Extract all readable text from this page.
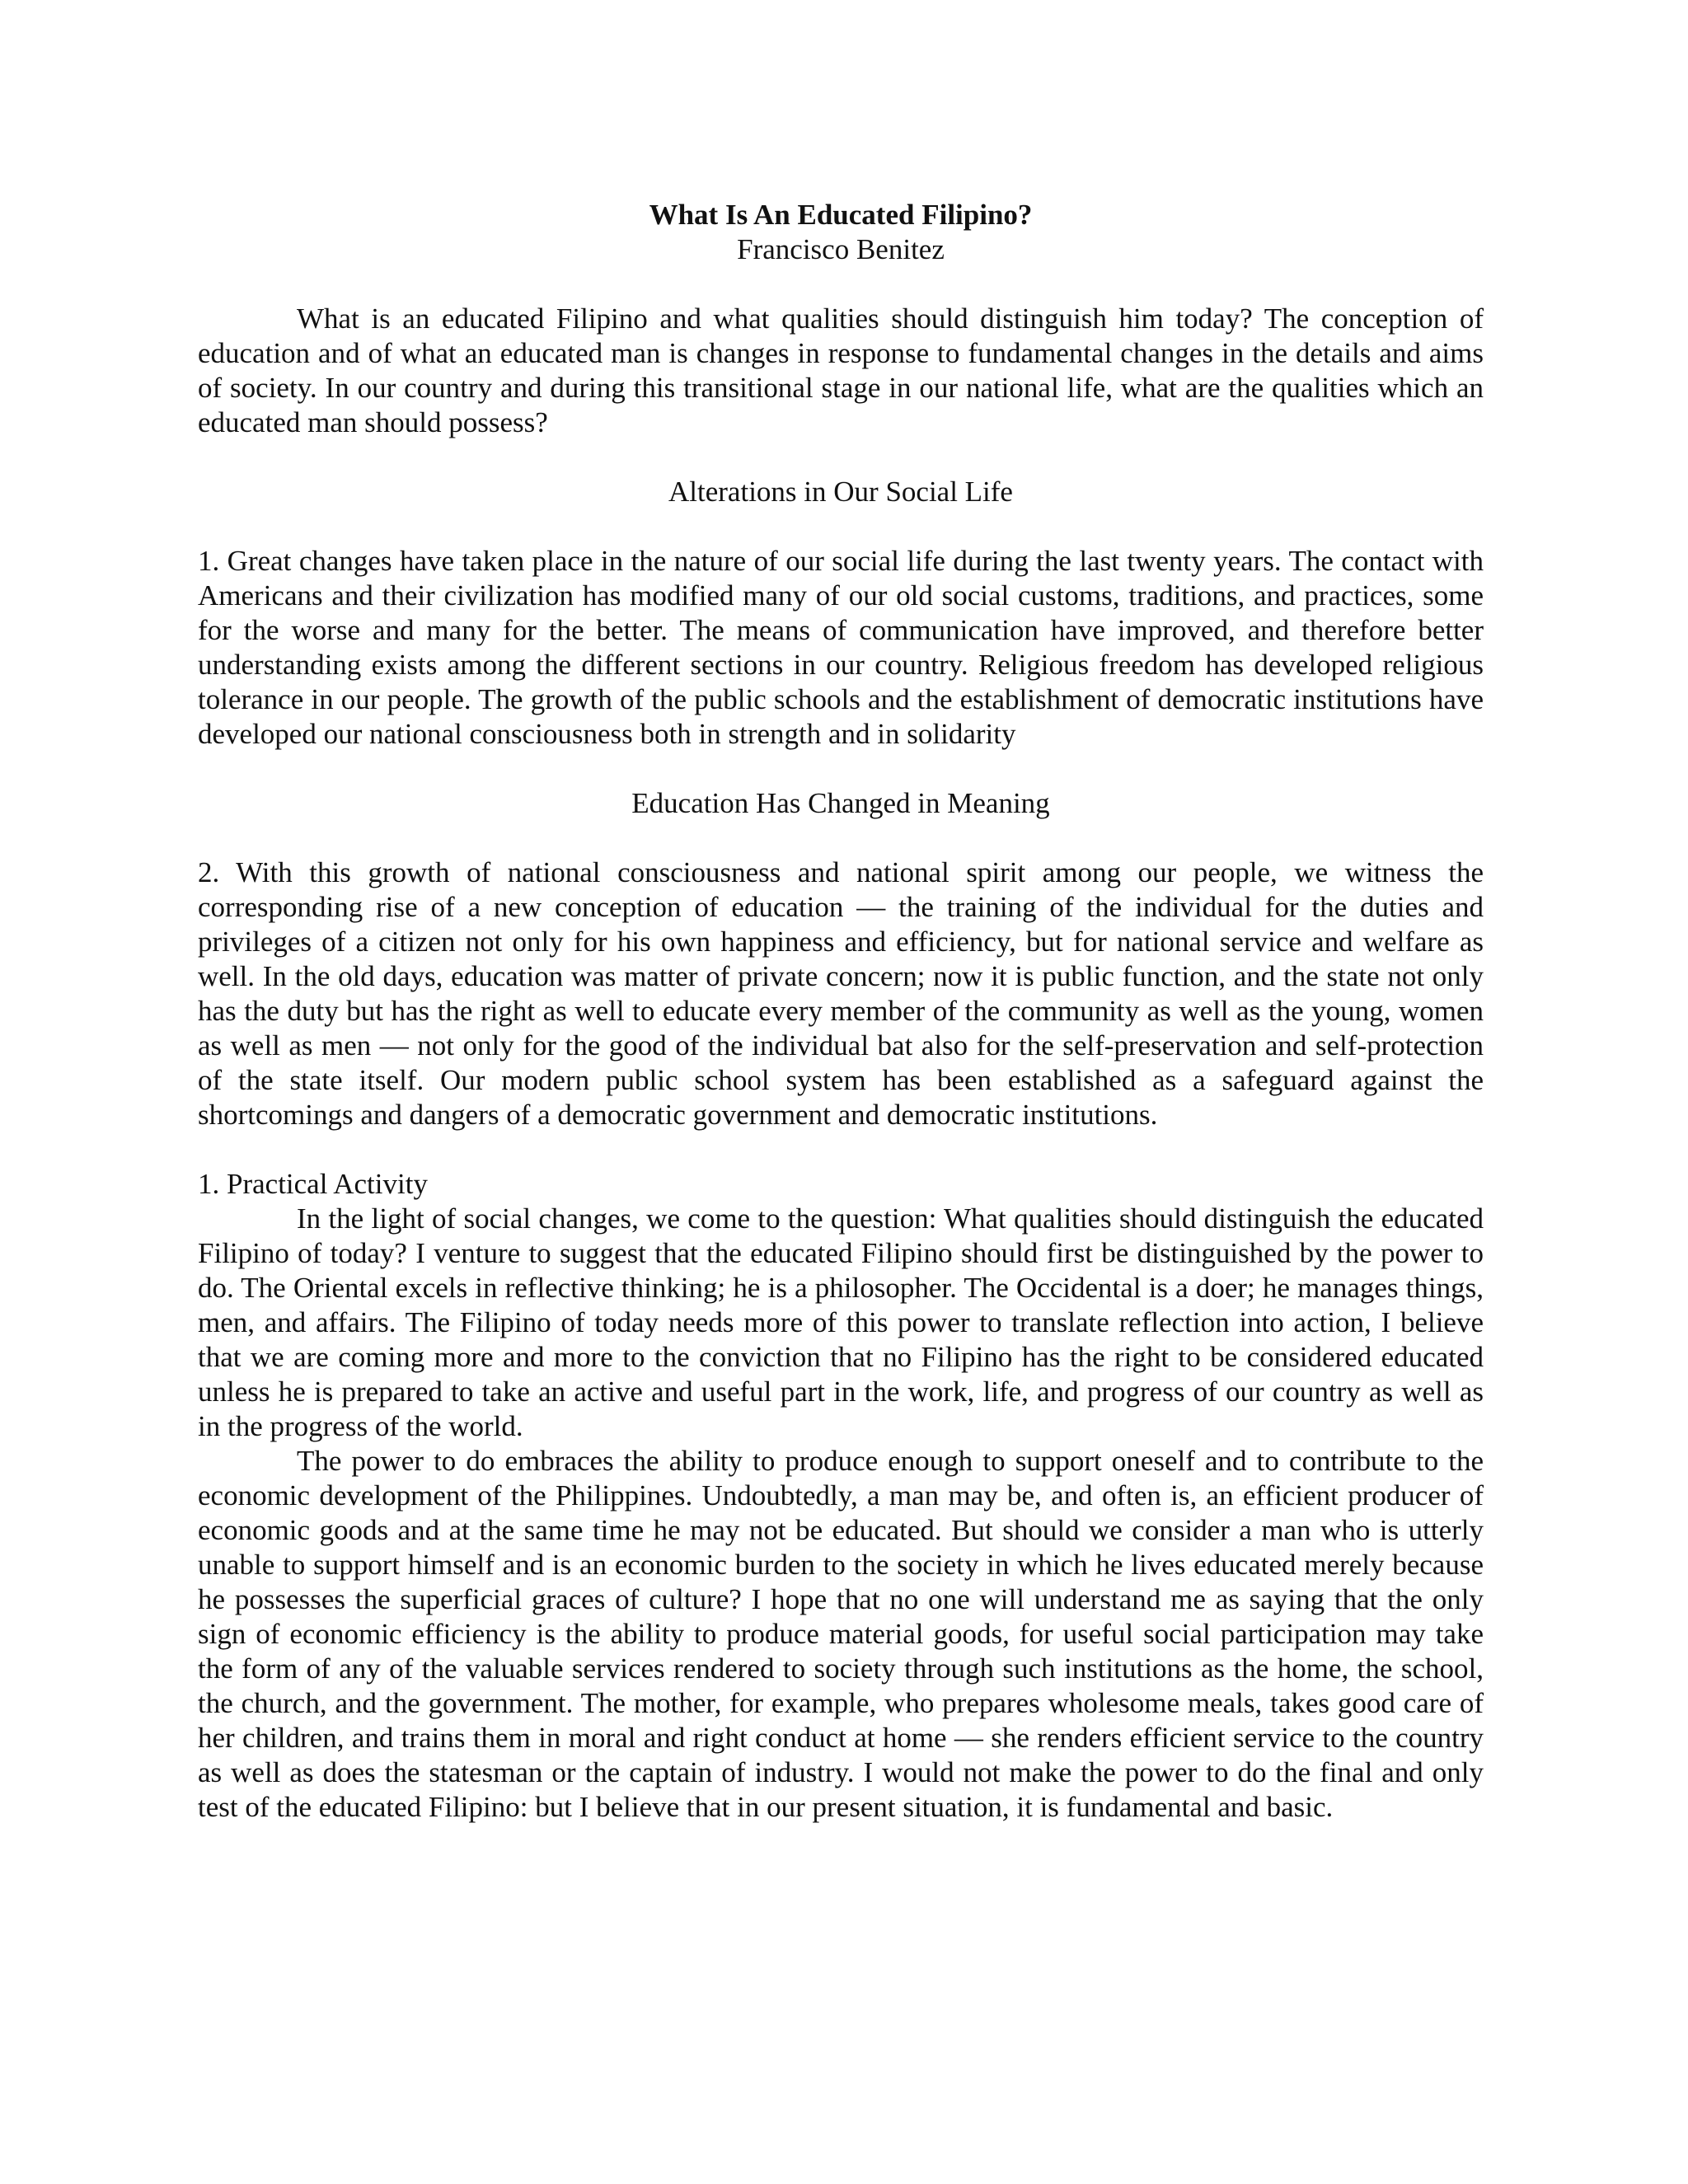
What Is An Educated Filipino?

Francisco Benitez

What is an educated Filipino and what qualities should distinguish him today? The conception of education and of what an educated man is changes in response to fundamental changes in the details and aims of society. In our country and during this transitional stage in our national life, what are the qualities which an educated man should possess?

Alterations in Our Social Life

1. Great changes have taken place in the nature of our social life during the last twenty years. The contact with Americans and their civilization has modified many of our old social customs, traditions, and practices, some for the worse and many for the better. The means of communication have improved, and therefore better understanding exists among the different sections in our country. Religious freedom has developed religious tolerance in our people. The growth of the public schools and the establishment of democratic institutions have developed our national consciousness both in strength and in solidarity

Education Has Changed in Meaning

2. With this growth of national consciousness and national spirit among our people, we witness the corresponding rise of a new conception of education — the training of the individual for the duties and privileges of a citizen not only for his own happiness and efficiency, but for national service and welfare as well. In the old days, education was matter of private concern; now it is public function, and the state not only has the duty but has the right as well to educate every member of the community as well as the young, women as well as men — not only for the good of the individual bat also for the self-preservation and self-protection of the state itself. Our modern public school system has been established as a safeguard against the shortcomings and dangers of a democratic government and democratic institutions.

1. Practical Activity

In the light of social changes, we come to the question: What qualities should distinguish the educated Filipino of today? I venture to suggest that the educated Filipino should first be distinguished by the power to do. The Oriental excels in reflective thinking; he is a philosopher. The Occidental is a doer; he manages things, men, and affairs. The Filipino of today needs more of this power to translate reflection into action, I believe that we are coming more and more to the conviction that no Filipino has the right to be considered educated unless he is prepared to take an active and useful part in the work, life, and progress of our country as well as in the progress of the world.

The power to do embraces the ability to produce enough to support oneself and to contribute to the economic development of the Philippines. Undoubtedly, a man may be, and often is, an efficient producer of economic goods and at the same time he may not be educated. But should we consider a man who is utterly unable to support himself and is an economic burden to the society in which he lives educated merely because he possesses the superficial graces of culture? I hope that no one will understand me as saying that the only sign of economic efficiency is the ability to produce material goods, for useful social participation may take the form of any of the valuable services rendered to society through such institutions as the home, the school, the church, and the government. The mother, for example, who prepares wholesome meals, takes good care of her children, and trains them in moral and right conduct at home — she renders efficient service to the country as well as does the statesman or the captain of industry. I would not make the power to do the final and only test of the educated Filipino: but I believe that in our present situation, it is fundamental and basic.
